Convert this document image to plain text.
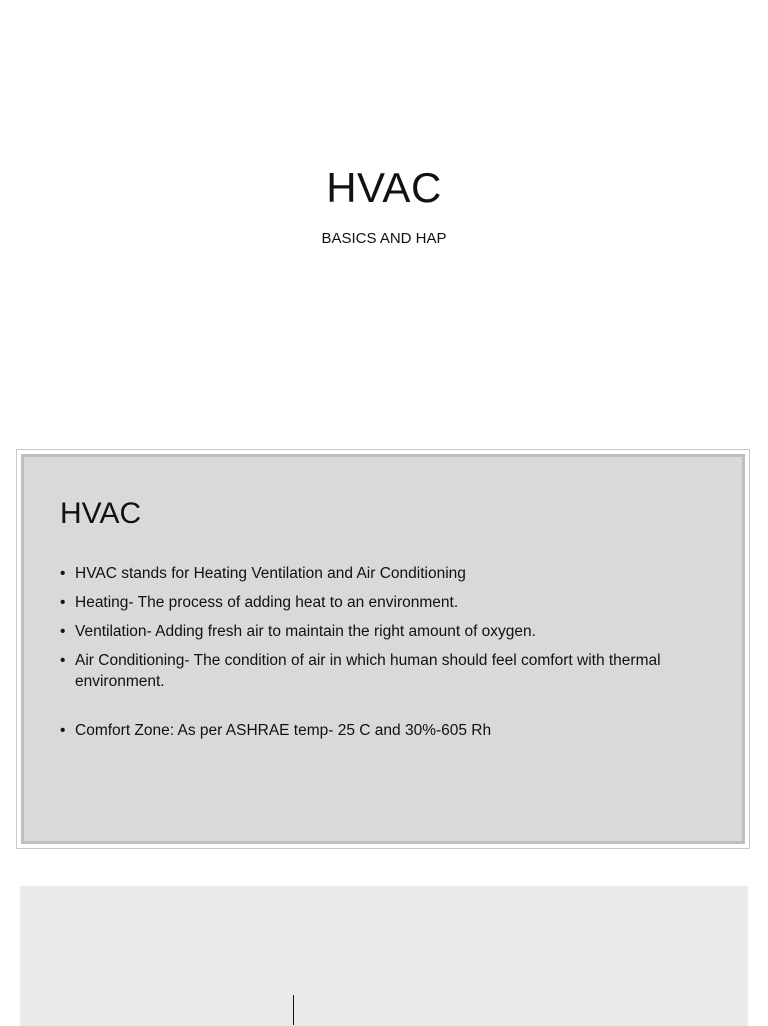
HVAC
BASICS AND HAP
HVAC
• HVAC stands for Heating Ventilation and Air Conditioning
• Heating- The process of adding heat to an environment.
• Ventilation- Adding fresh air to maintain the right amount of oxygen.
• Air Conditioning- The condition of air in which human should feel comfort with thermal environment.
• Comfort Zone: As per ASHRAE temp- 25 C and 30%-605 Rh
